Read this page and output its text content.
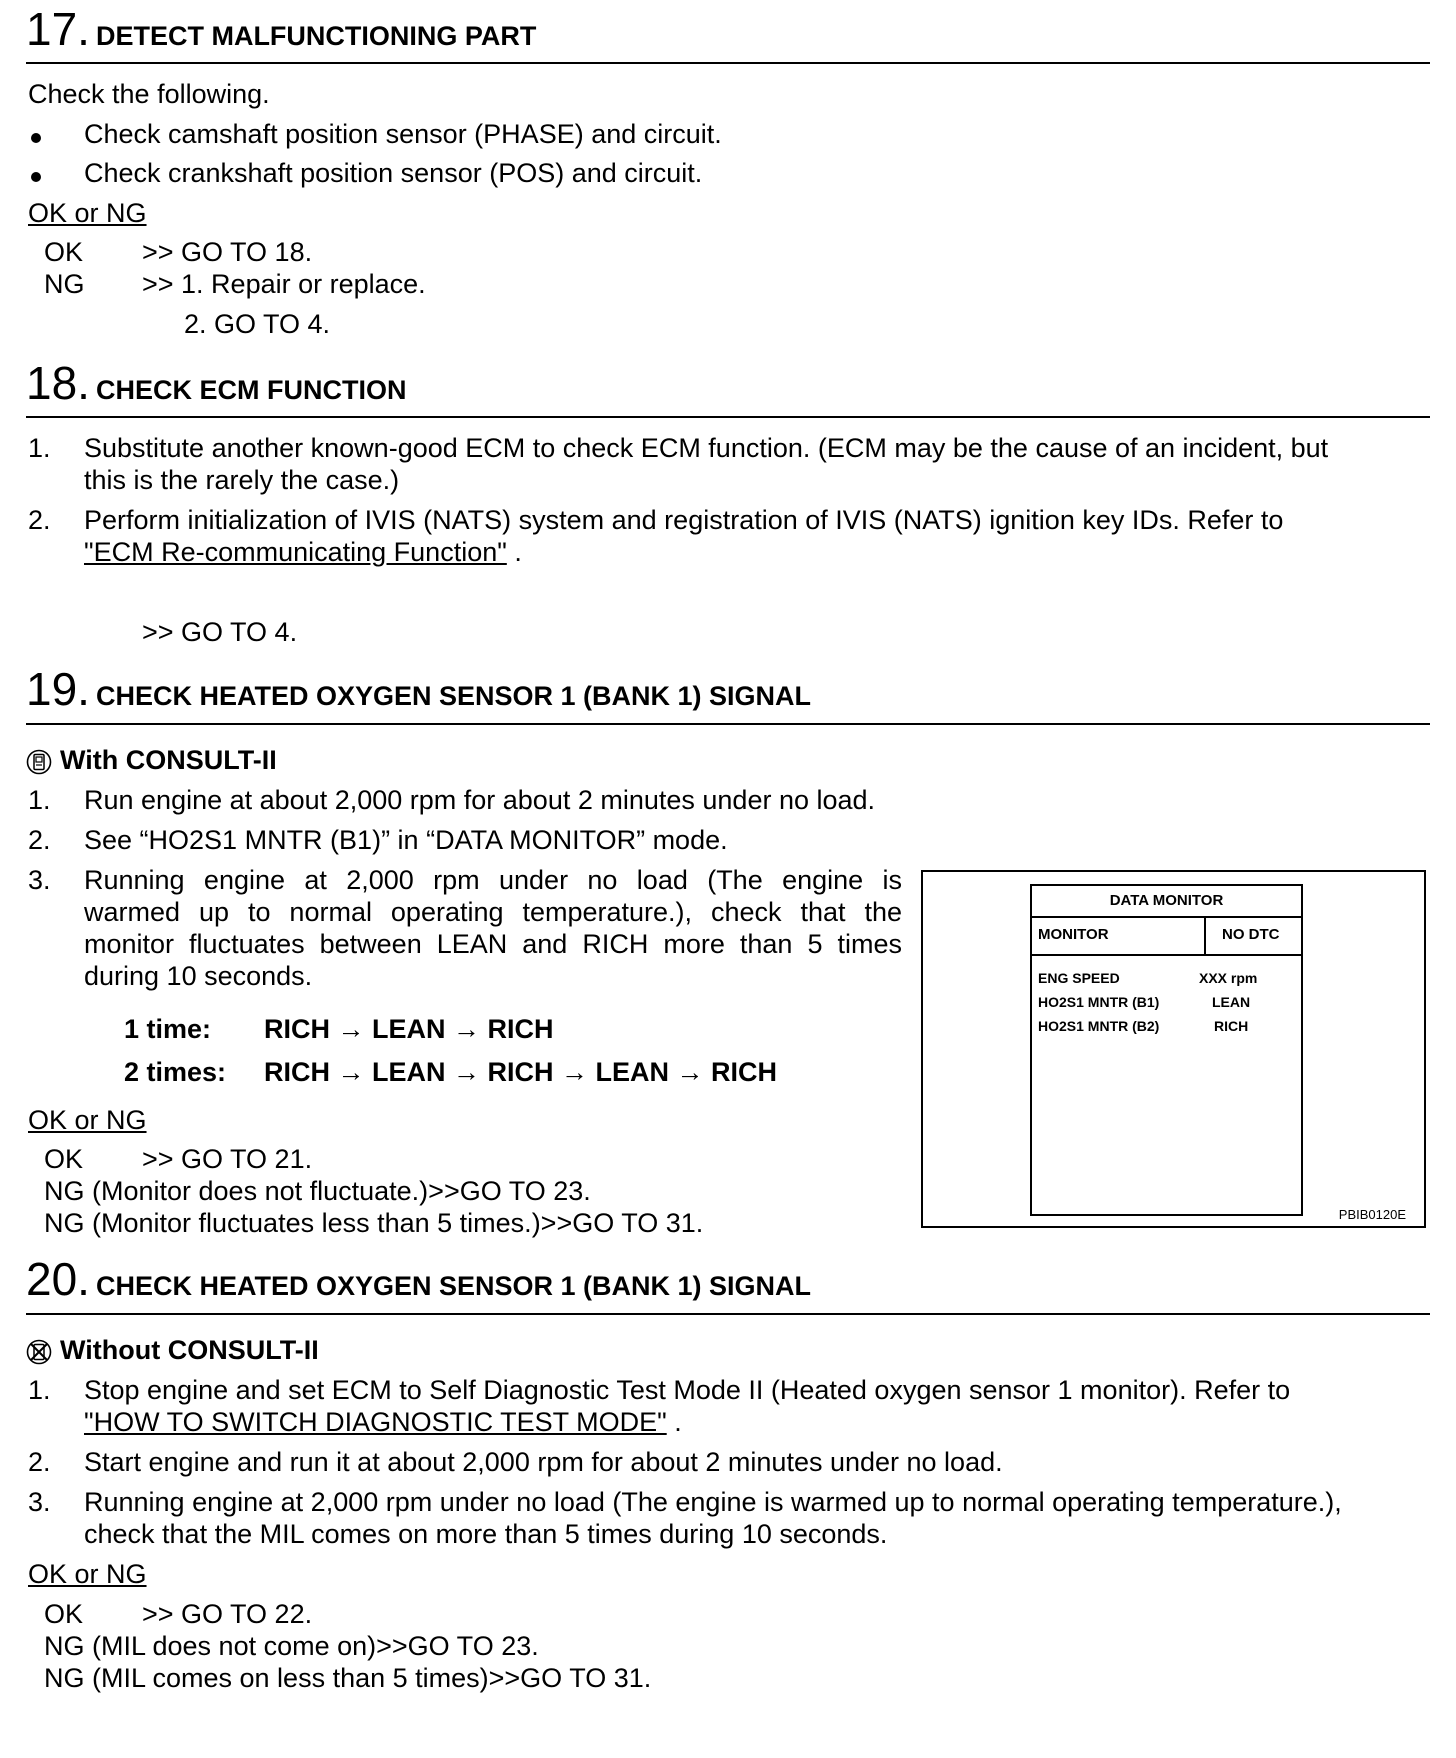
17. DETECT MALFUNCTIONING PART
Check the following.
Check camshaft position sensor (PHASE) and circuit.
Check crankshaft position sensor (POS) and circuit.
OK or NG
OK >> GO TO 18.
NG >> 1. Repair or replace.
2. GO TO 4.
18. CHECK ECM FUNCTION
1. Substitute another known-good ECM to check ECM function. (ECM may be the cause of an incident, but
this is the rarely the case.)
2. Perform initialization of IVIS (NATS) system and registration of IVIS (NATS) ignition key IDs. Refer to
"ECM Re-communicating Function" .
>> GO TO 4.
19. CHECK HEATED OXYGEN SENSOR 1 (BANK 1) SIGNAL
With CONSULT-II
1. Run engine at about 2,000 rpm for about 2 minutes under no load.
2. See “HO2S1 MNTR (B1)” in “DATA MONITOR” mode.
3. Running engine at 2,000 rpm under no load (The engine is
warmed up to normal operating temperature.), check that the
monitor fluctuates between LEAN and RICH more than 5 times
during 10 seconds.
1 time: RICH → LEAN → RICH
2 times: RICH → LEAN → RICH → LEAN → RICH
OK or NG
OK >> GO TO 21.
NG (Monitor does not fluctuate.)>>GO TO 23.
NG (Monitor fluctuates less than 5 times.)>>GO TO 31.
DATA MONITOR
MONITOR	NO DTC
ENG SPEED	XXX rpm
HO2S1 MNTR (B1)	LEAN
HO2S1 MNTR (B2)	RICH
PBIB0120E
20. CHECK HEATED OXYGEN SENSOR 1 (BANK 1) SIGNAL
Without CONSULT-II
1. Stop engine and set ECM to Self Diagnostic Test Mode II (Heated oxygen sensor 1 monitor). Refer to
"HOW TO SWITCH DIAGNOSTIC TEST MODE" .
2. Start engine and run it at about 2,000 rpm for about 2 minutes under no load.
3. Running engine at 2,000 rpm under no load (The engine is warmed up to normal operating temperature.),
check that the MIL comes on more than 5 times during 10 seconds.
OK or NG
OK >> GO TO 22.
NG (MIL does not come on)>>GO TO 23.
NG (MIL comes on less than 5 times)>>GO TO 31.
